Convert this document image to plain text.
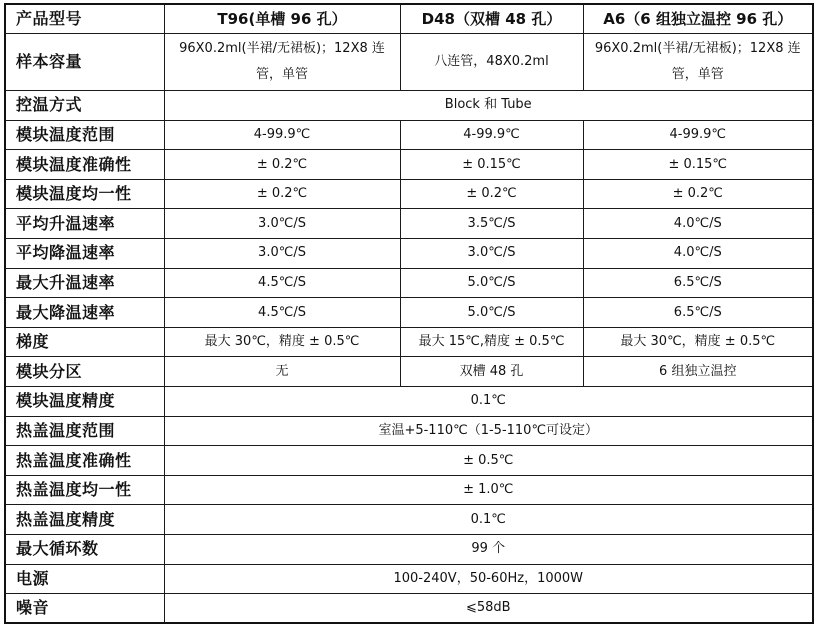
产品型号	T96(单槽 96 孔）	D48（双槽 48 孔）	A6（6 组独立温控 96 孔）
样本容量	96X0.2ml(半裙/无裙板)；12X8 连管，单管	八连管，48X0.2ml	96X0.2ml(半裙/无裙板)；12X8 连管，单管
控温方式	Block 和 Tube		
模块温度范围	4-99.9℃	4-99.9℃	4-99.9℃
模块温度准确性	± 0.2℃	± 0.15℃	± 0.15℃
模块温度均一性	± 0.2℃	± 0.2℃	± 0.2℃
平均升温速率	3.0℃/S	3.5℃/S	4.0℃/S
平均降温速率	3.0℃/S	3.0℃/S	4.0℃/S
最大升温速率	4.5℃/S	5.0℃/S	6.5℃/S
最大降温速率	4.5℃/S	5.0℃/S	6.5℃/S
梯度	最大 30℃，精度 ± 0.5℃	最大 15℃,精度 ± 0.5℃	最大 30℃，精度 ± 0.5℃
模块分区	无	双槽 48 孔	6 组独立温控
模块温度精度	0.1℃		
热盖温度范围	室温+5-110℃（1-5-110℃可设定）		
热盖温度准确性	± 0.5℃		
热盖温度均一性	± 1.0℃		
热盖温度精度	0.1℃		
最大循环数	99 个		
电源	100-240V，50-60Hz，1000W		
噪音	⩽58dB		
